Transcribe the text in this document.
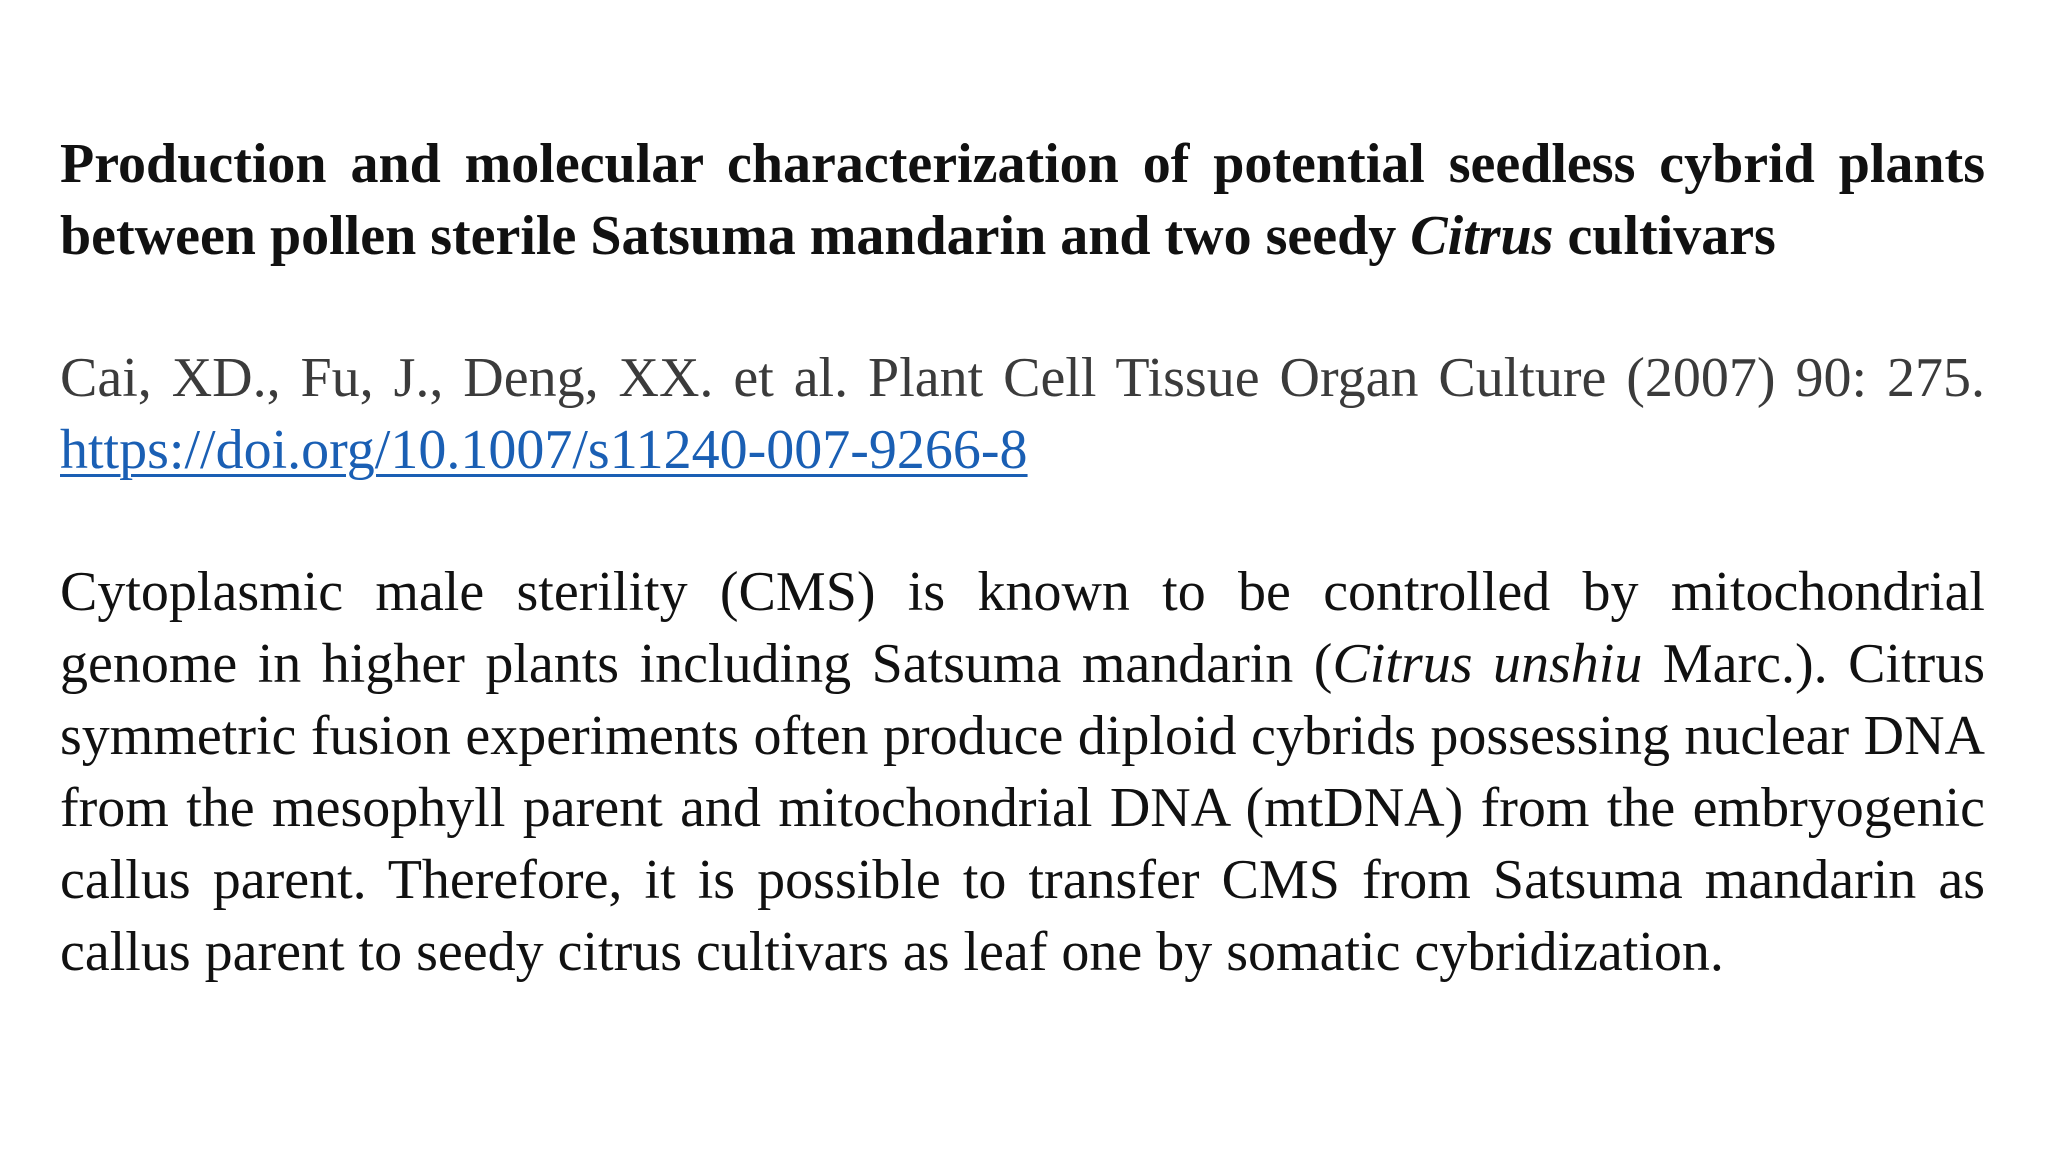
Production and molecular characterization of potential seedless cybrid plants between pollen sterile Satsuma mandarin and two seedy Citrus cultivars

Cai, XD., Fu, J., Deng, XX. et al. Plant Cell Tissue Organ Culture (2007) 90: 275. https://doi.org/10.1007/s11240-007-9266-8

Cytoplasmic male sterility (CMS) is known to be controlled by mitochondrial genome in higher plants including Satsuma mandarin (Citrus unshiu Marc.). Citrus symmetric fusion experiments often produce diploid cybrids possessing nuclear DNA from the mesophyll parent and mitochondrial DNA (mtDNA) from the embryogenic callus parent. Therefore, it is possible to transfer CMS from Satsuma mandarin as callus parent to seedy citrus cultivars as leaf one by somatic cybridization.
